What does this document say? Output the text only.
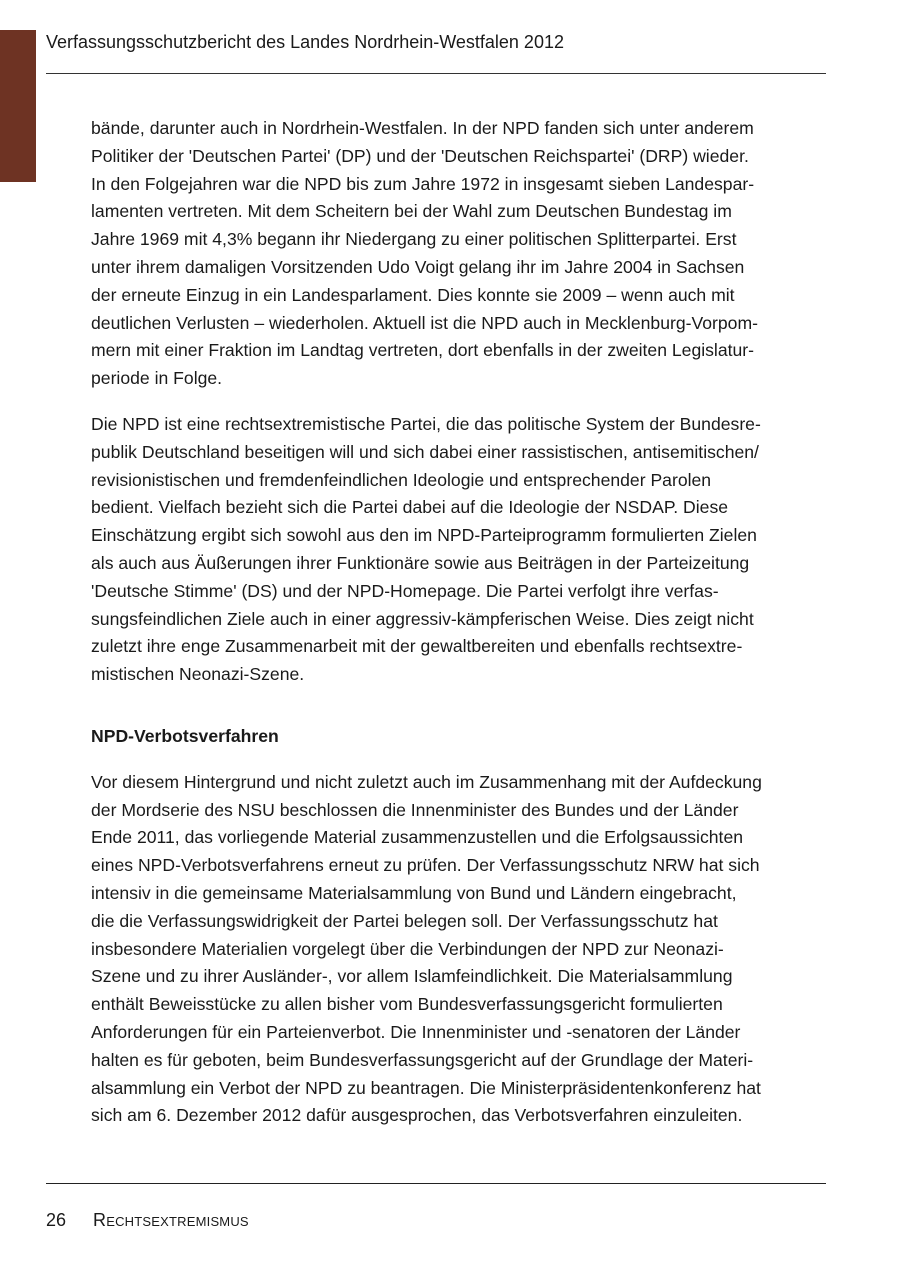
Verfassungsschutzbericht des Landes Nordrhein-Westfalen 2012

bände, darunter auch in Nordrhein-Westfalen. In der NPD fanden sich unter anderem
Politiker der 'Deutschen Partei' (DP) und der 'Deutschen Reichspartei' (DRP) wieder.
In den Folgejahren war die NPD bis zum Jahre 1972 in insgesamt sieben Landespar-
lamenten vertreten. Mit dem Scheitern bei der Wahl zum Deutschen Bundestag im
Jahre 1969 mit 4,3% begann ihr Niedergang zu einer politischen Splitterpartei. Erst
unter ihrem damaligen Vorsitzenden Udo Voigt gelang ihr im Jahre 2004 in Sachsen
der erneute Einzug in ein Landesparlament. Dies konnte sie 2009 – wenn auch mit
deutlichen Verlusten – wiederholen. Aktuell ist die NPD auch in Mecklenburg-Vorpom-
mern mit einer Fraktion im Landtag vertreten, dort ebenfalls in der zweiten Legislatur-
periode in Folge.

Die NPD ist eine rechtsextremistische Partei, die das politische System der Bundesre-
publik Deutschland beseitigen will und sich dabei einer rassistischen, antisemitischen/
revisionistischen und fremdenfeindlichen Ideologie und entsprechender Parolen
bedient. Vielfach bezieht sich die Partei dabei auf die Ideologie der NSDAP. Diese
Einschätzung ergibt sich sowohl aus den im NPD-Parteiprogramm formulierten Zielen
als auch aus Äußerungen ihrer Funktionäre sowie aus Beiträgen in der Parteizeitung
'Deutsche Stimme' (DS) und der NPD-Homepage. Die Partei verfolgt ihre verfas-
sungsfeindlichen Ziele auch in einer aggressiv-kämpferischen Weise. Dies zeigt nicht
zuletzt ihre enge Zusammenarbeit mit der gewaltbereiten und ebenfalls rechtsextre-
mistischen Neonazi-Szene.

NPD-Verbotsverfahren

Vor diesem Hintergrund und nicht zuletzt auch im Zusammenhang mit der Aufdeckung
der Mordserie des NSU beschlossen die Innenminister des Bundes und der Länder
Ende 2011, das vorliegende Material zusammenzustellen und die Erfolgsaussichten
eines NPD-Verbotsverfahrens erneut zu prüfen. Der Verfassungsschutz NRW hat sich
intensiv in die gemeinsame Materialsammlung von Bund und Ländern eingebracht,
die die Verfassungswidrigkeit der Partei belegen soll. Der Verfassungsschutz hat
insbesondere Materialien vorgelegt über die Verbindungen der NPD zur Neonazi-
Szene und zu ihrer Ausländer-, vor allem Islamfeindlichkeit. Die Materialsammlung
enthält Beweisstücke zu allen bisher vom Bundesverfassungsgericht formulierten
Anforderungen für ein Parteienverbot. Die Innenminister und -senatoren der Länder
halten es für geboten, beim Bundesverfassungsgericht auf der Grundlage der Materi-
alsammlung ein Verbot der NPD zu beantragen. Die Ministerpräsidentenkonferenz hat
sich am 6. Dezember 2012 dafür ausgesprochen, das Verbotsverfahren einzuleiten.

26	Rechtsextremismus
